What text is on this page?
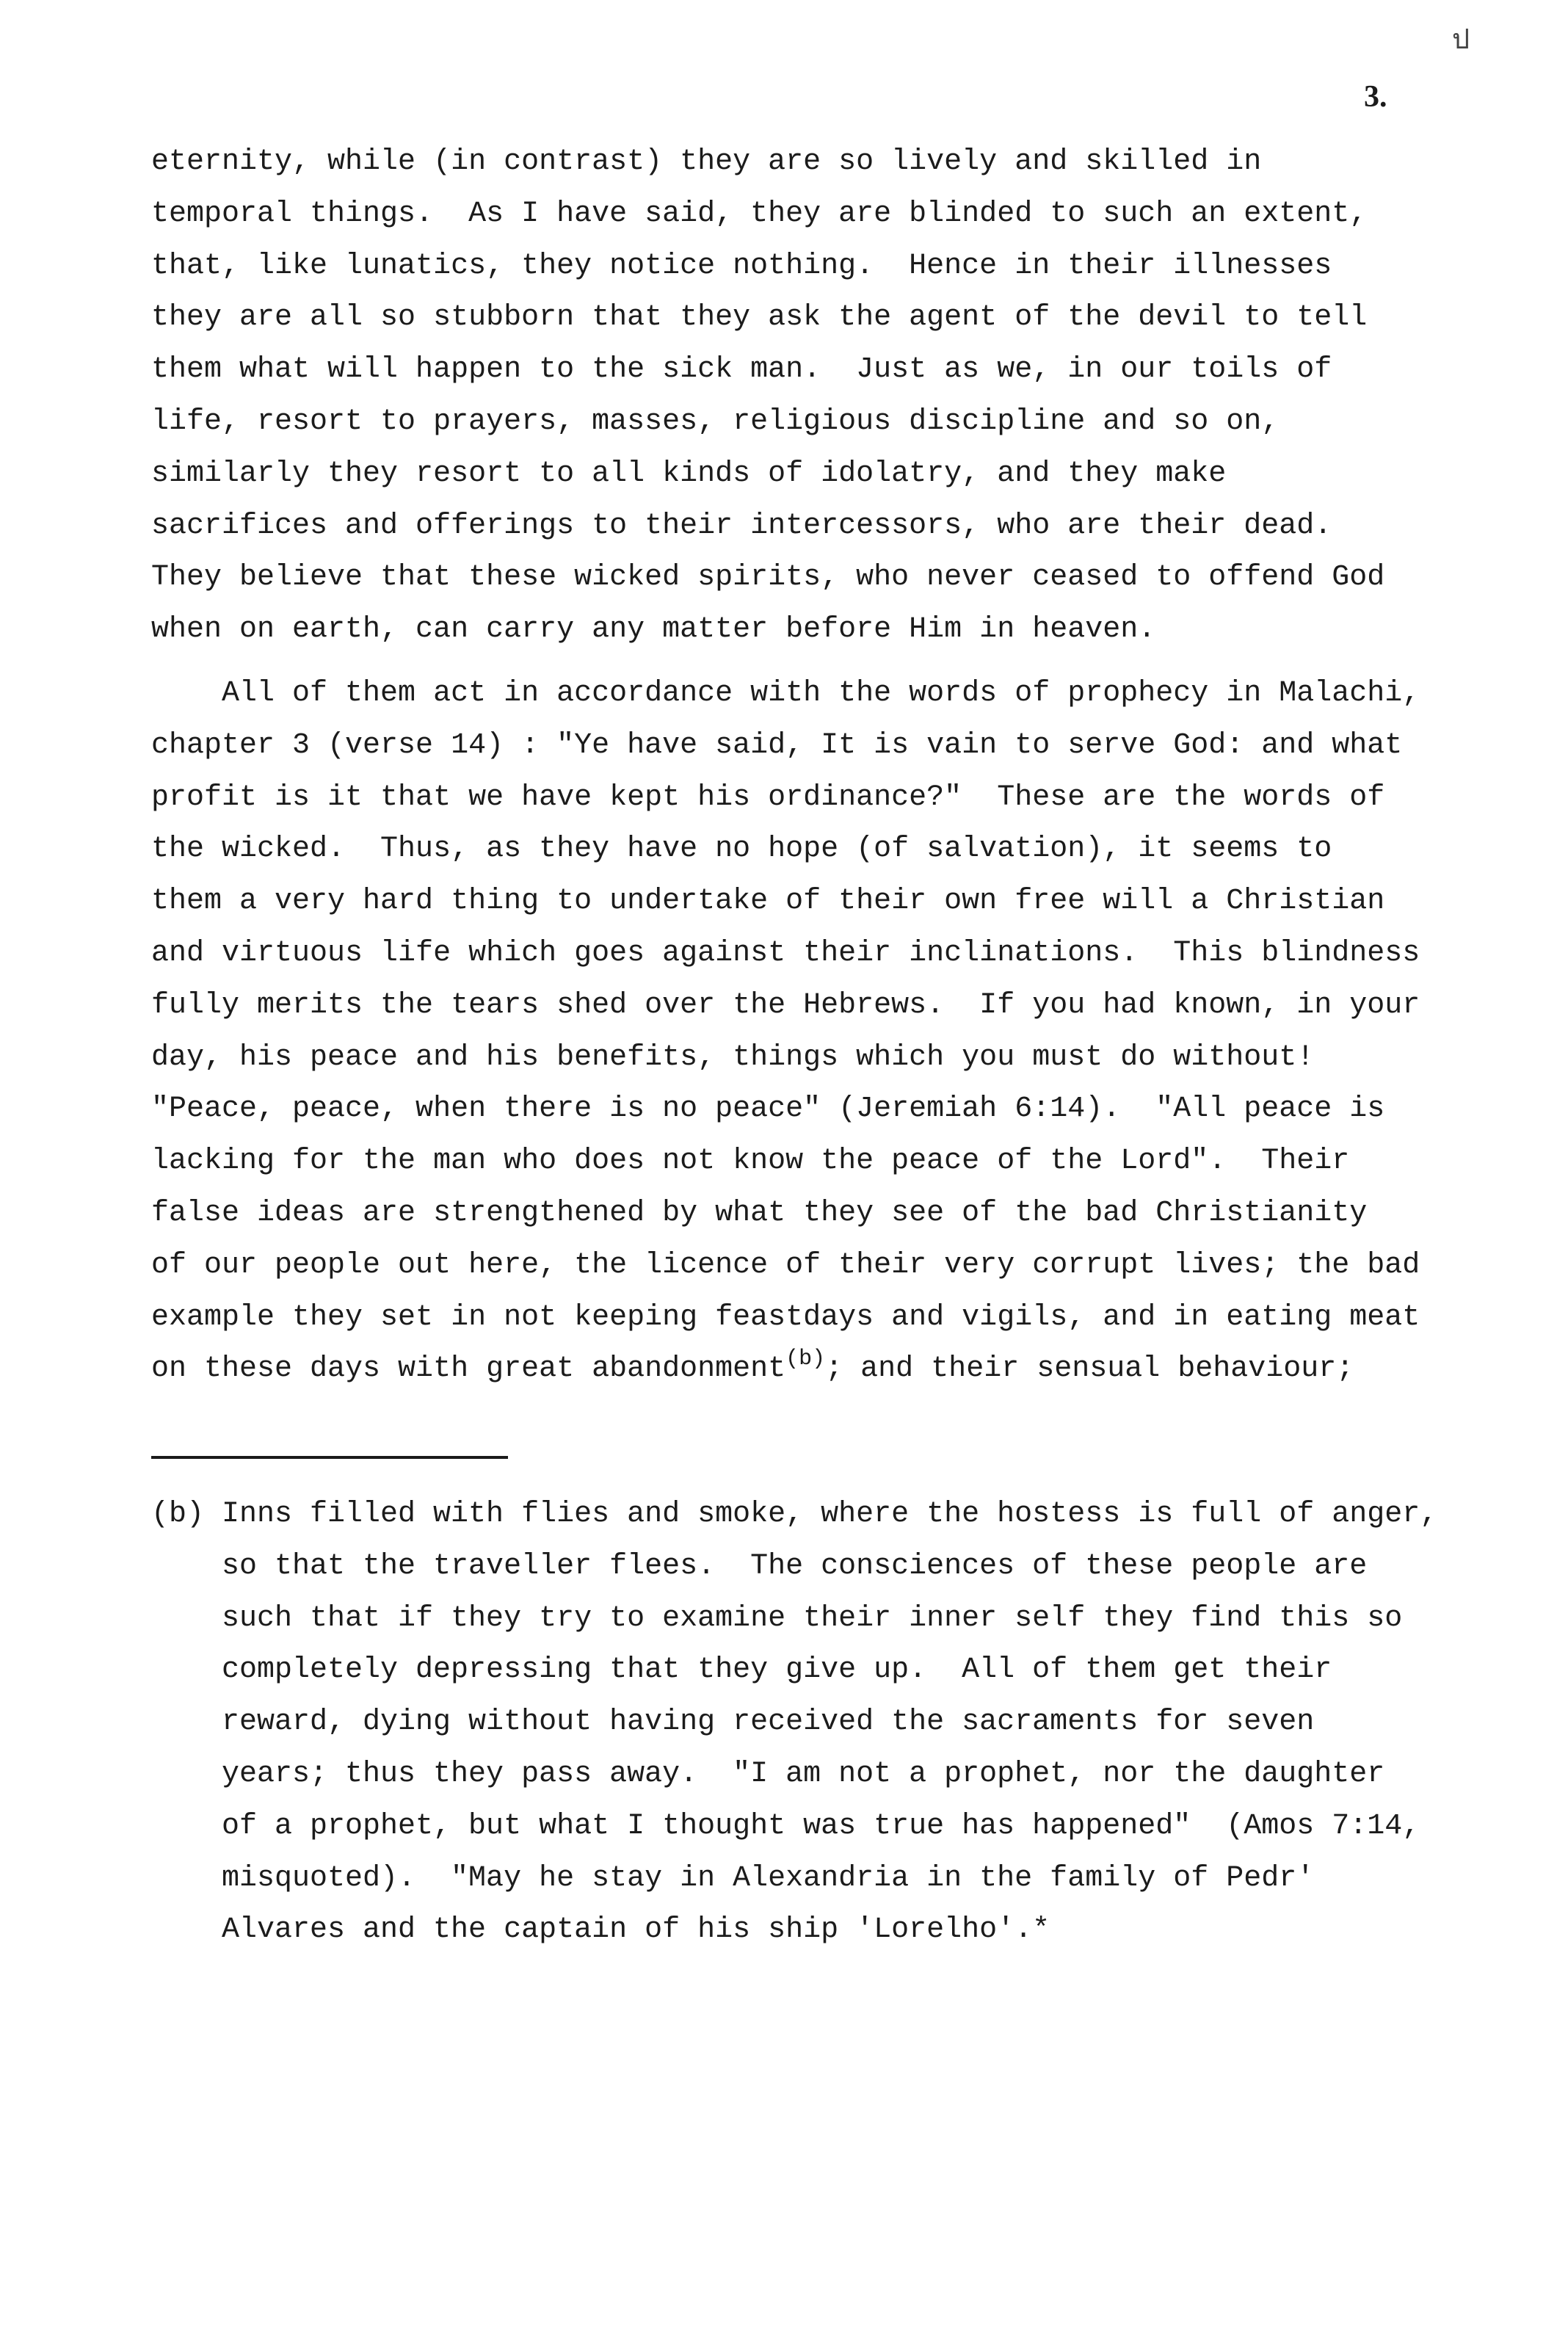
3.
ป
eternity, while (in contrast) they are so lively and skilled in
temporal things.  As I have said, they are blinded to such an extent,
that, like lunatics, they notice nothing.  Hence in their illnesses
they are all so stubborn that they ask the agent of the devil to tell
them what will happen to the sick man.  Just as we, in our toils of
life, resort to prayers, masses, religious discipline and so on,
similarly they resort to all kinds of idolatry, and they make
sacrifices and offerings to their intercessors, who are their dead.
They believe that these wicked spirits, who never ceased to offend God
when on earth, can carry any matter before Him in heaven.
All of them act in accordance with the words of prophecy in Malachi,
chapter 3 (verse 14) : "Ye have said, It is vain to serve God: and what
profit is it that we have kept his ordinance?"  These are the words of
the wicked.  Thus, as they have no hope (of salvation), it seems to
them a very hard thing to undertake of their own free will a Christian
and virtuous life which goes against their inclinations.  This blindness
fully merits the tears shed over the Hebrews.  If you had known, in your
day, his peace and his benefits, things which you must do without!
"Peace, peace, when there is no peace" (Jeremiah 6:14).  "All peace is
lacking for the man who does not know the peace of the Lord".  Their
false ideas are strengthened by what they see of the bad Christianity
of our people out here, the licence of their very corrupt lives; the bad
example they set in not keeping feastdays and vigils, and in eating meat
on these days with great abandonment$^{(b)}$; and their sensual behaviour;
(b) Inns filled with flies and smoke, where the hostess is full of anger,
so that the traveller flees.  The consciences of these people are
such that if they try to examine their inner self they find this so
completely depressing that they give up.  All of them get their
reward, dying without having received the sacraments for seven
years; thus they pass away.  "I am not a prophet, nor the daughter
of a prophet, but what I thought was true has happened"  (Amos 7:14,
misquoted).  "May he stay in Alexandria in the family of Pedr'
Alvares and the captain of his ship 'Lorelho'.*
